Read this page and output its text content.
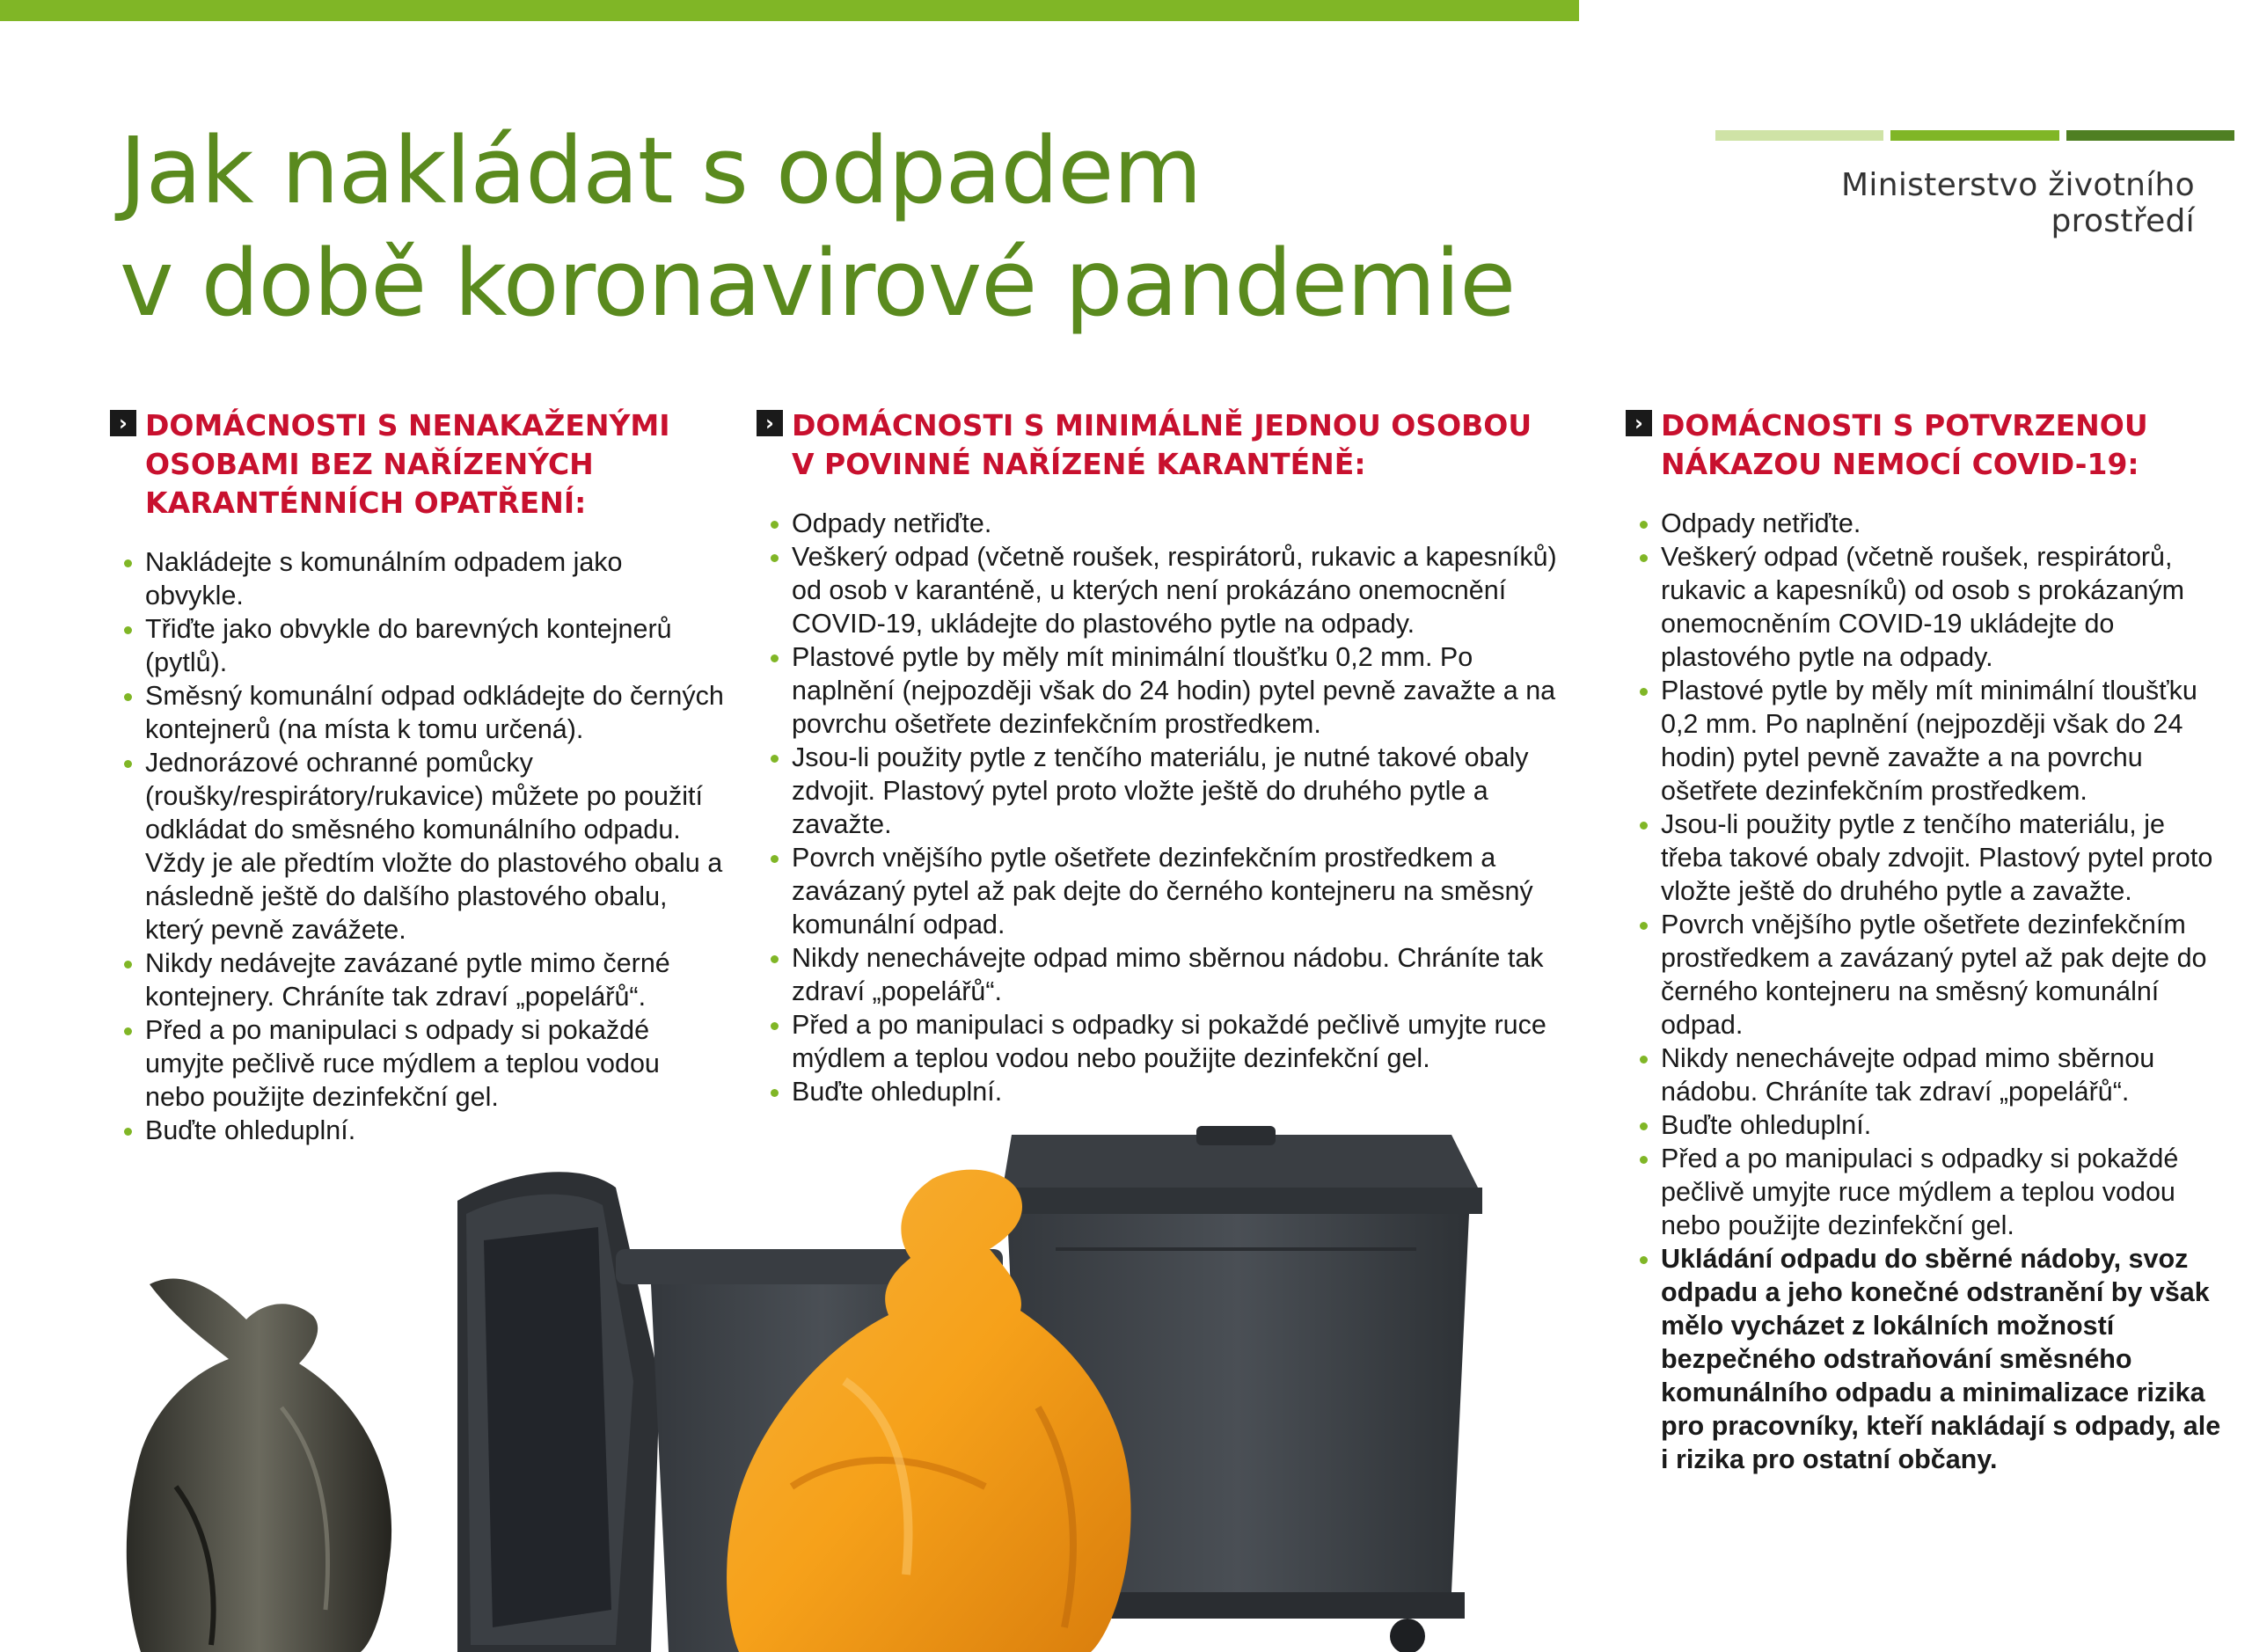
Ministerstvo životního prostředí
Jak nakládat s odpadem
v době koronavirové pandemie
› DOMÁCNOSTI S NENAKAŽENÝMI
OSOBAMI BEZ NAŘÍZENÝCH
KARANTÉNNÍCH OPATŘENÍ:
Nakládejte s komunálním odpadem jako obvykle.
Třiďte jako obvykle do barevných kontejnerů (pytlů).
Směsný komunální odpad odkládejte do černých kontejnerů (na místa k tomu určená).
Jednorázové ochranné pomůcky (roušky/respirátory/rukavice) můžete po použití odkládat do směsného komunálního odpadu. Vždy je ale předtím vložte do plastového obalu a následně ještě do dalšího plastového obalu, který pevně zavážete.
Nikdy nedávejte zavázané pytle mimo černé kontejnery. Chráníte tak zdraví „popelářů“.
Před a po manipulaci s odpady si pokaždé umyjte pečlivě ruce mýdlem a teplou vodou nebo použijte dezinfekční gel.
Buďte ohleduplní.
› DOMÁCNOSTI S MINIMÁLNĚ JEDNOU OSOBOU
V POVINNÉ NAŘÍZENÉ KARANTÉNĚ:
Odpady netřiďte.
Veškerý odpad (včetně roušek, respirátorů, rukavic a kapesníků) od osob v karanténě, u kterých není prokázáno onemocnění COVID-19, ukládejte do plastového pytle na odpady.
Plastové pytle by měly mít minimální tloušťku 0,2 mm. Po naplnění (nejpozději však do 24 hodin) pytel pevně zavažte a na povrchu ošetřete dezinfekčním prostředkem.
Jsou-li použity pytle z tenčího materiálu, je nutné takové obaly zdvojit. Plastový pytel proto vložte ještě do druhého pytle a zavažte.
Povrch vnějšího pytle ošetřete dezinfekčním prostředkem a zavázaný pytel až pak dejte do černého kontejneru na směsný komunální odpad.
Nikdy nenechávejte odpad mimo sběrnou nádobu. Chráníte tak zdraví „popelářů“.
Před a po manipulaci s odpadky si pokaždé pečlivě umyjte ruce mýdlem a teplou vodou nebo použijte dezinfekční gel.
Buďte ohleduplní.
› DOMÁCNOSTI S POTVRZENOU
NÁKAZOU NEMOCÍ COVID-19:
Odpady netřiďte.
Veškerý odpad (včetně roušek, respirátorů, rukavic a kapesníků) od osob s prokázaným onemocněním COVID-19 ukládejte do plastového pytle na odpady.
Plastové pytle by měly mít minimální tloušťku 0,2 mm. Po naplnění (nejpozději však do 24 hodin) pytel pevně zavažte a na povrchu ošetřete dezinfekčním prostředkem.
Jsou-li použity pytle z tenčího materiálu, je třeba takové obaly zdvojit. Plastový pytel proto vložte ještě do druhého pytle a zavažte.
Povrch vnějšího pytle ošetřete dezinfekčním prostředkem a zavázaný pytel až pak dejte do černého kontejneru na směsný komunální odpad.
Nikdy nenechávejte odpad mimo sběrnou nádobu. Chráníte tak zdraví „popelářů“.
Buďte ohleduplní.
Před a po manipulaci s odpadky si pokaždé pečlivě umyjte ruce mýdlem a teplou vodou nebo použijte dezinfekční gel.
Ukládání odpadu do sběrné nádoby, svoz odpadu a jeho konečné odstranění by však mělo vycházet z lokálních možností bezpečného odstraňování směsného komunálního odpadu a minimalizace rizika pro pracovníky, kteří nakládají s odpady, ale i rizika pro ostatní občany.
